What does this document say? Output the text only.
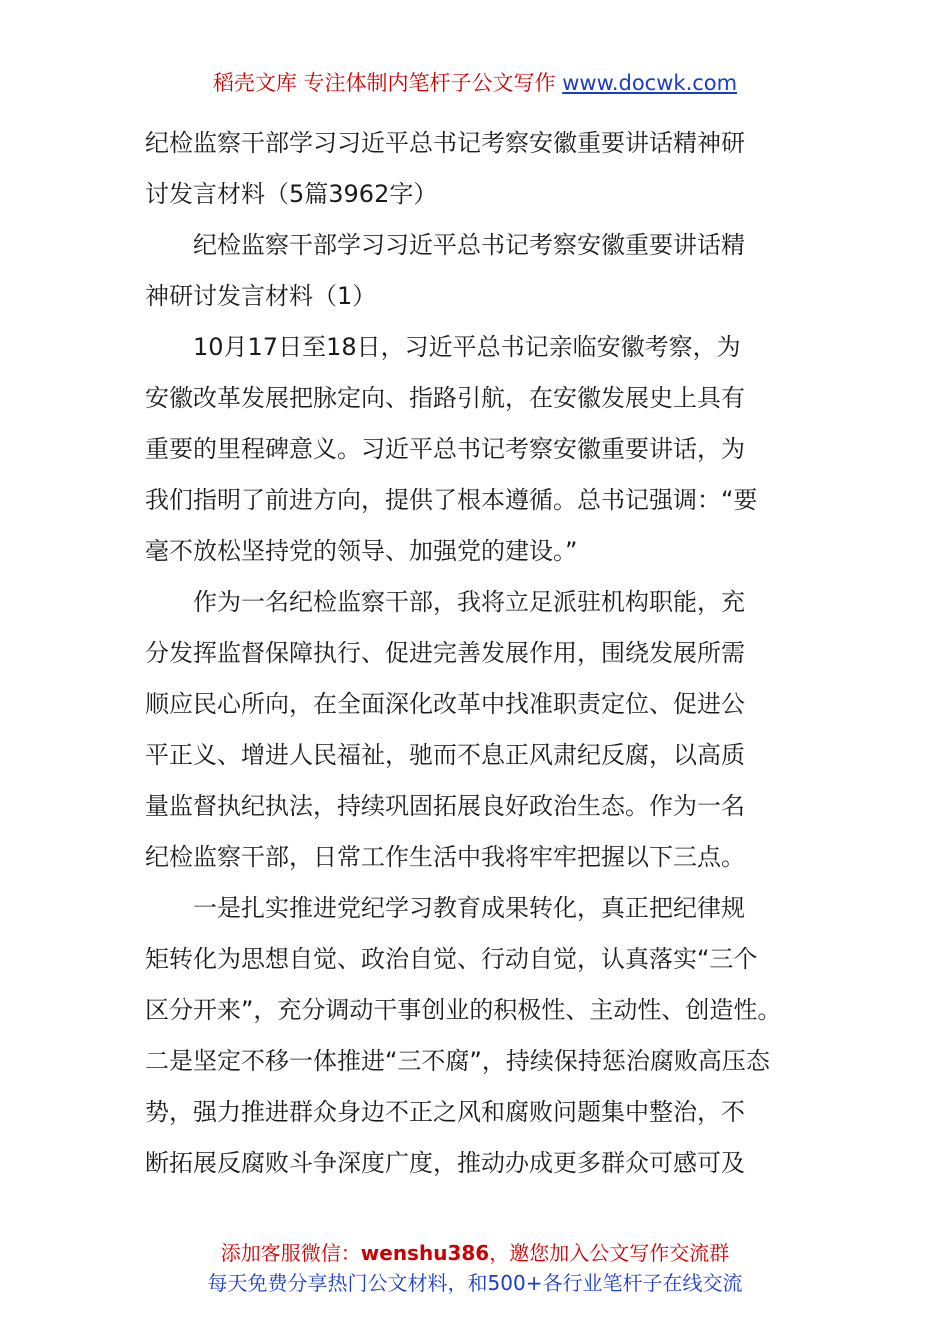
稻壳文库 专注体制内笔杆子公文写作 www.docwk.com
纪检监察干部学习习近平总书记考察安徽重要讲话精神研
讨发言材料（5篇3962字）
纪检监察干部学习习近平总书记考察安徽重要讲话精
神研讨发言材料（1）
10月17日至18日，习近平总书记亲临安徽考察，为
安徽改革发展把脉定向、指路引航，在安徽发展史上具有
重要的里程碑意义。习近平总书记考察安徽重要讲话，为
我们指明了前进方向，提供了根本遵循。总书记强调：“要
毫不放松坚持党的领导、加强党的建设。”
作为一名纪检监察干部，我将立足派驻机构职能，充
分发挥监督保障执行、促进完善发展作用，围绕发展所需
顺应民心所向，在全面深化改革中找准职责定位、促进公
平正义、增进人民福祉，驰而不息正风肃纪反腐，以高质
量监督执纪执法，持续巩固拓展良好政治生态。作为一名
纪检监察干部，日常工作生活中我将牢牢把握以下三点。
一是扎实推进党纪学习教育成果转化，真正把纪律规
矩转化为思想自觉、政治自觉、行动自觉，认真落实“三个
区分开来”，充分调动干事创业的积极性、主动性、创造性。
二是坚定不移一体推进“三不腐”，持续保持惩治腐败高压态
势，强力推进群众身边不正之风和腐败问题集中整治，不
断拓展反腐败斗争深度广度，推动办成更多群众可感可及
添加客服微信：wenshu386，邀您加入公文写作交流群
每天免费分享热门公文材料，和500+各行业笔杆子在线交流
